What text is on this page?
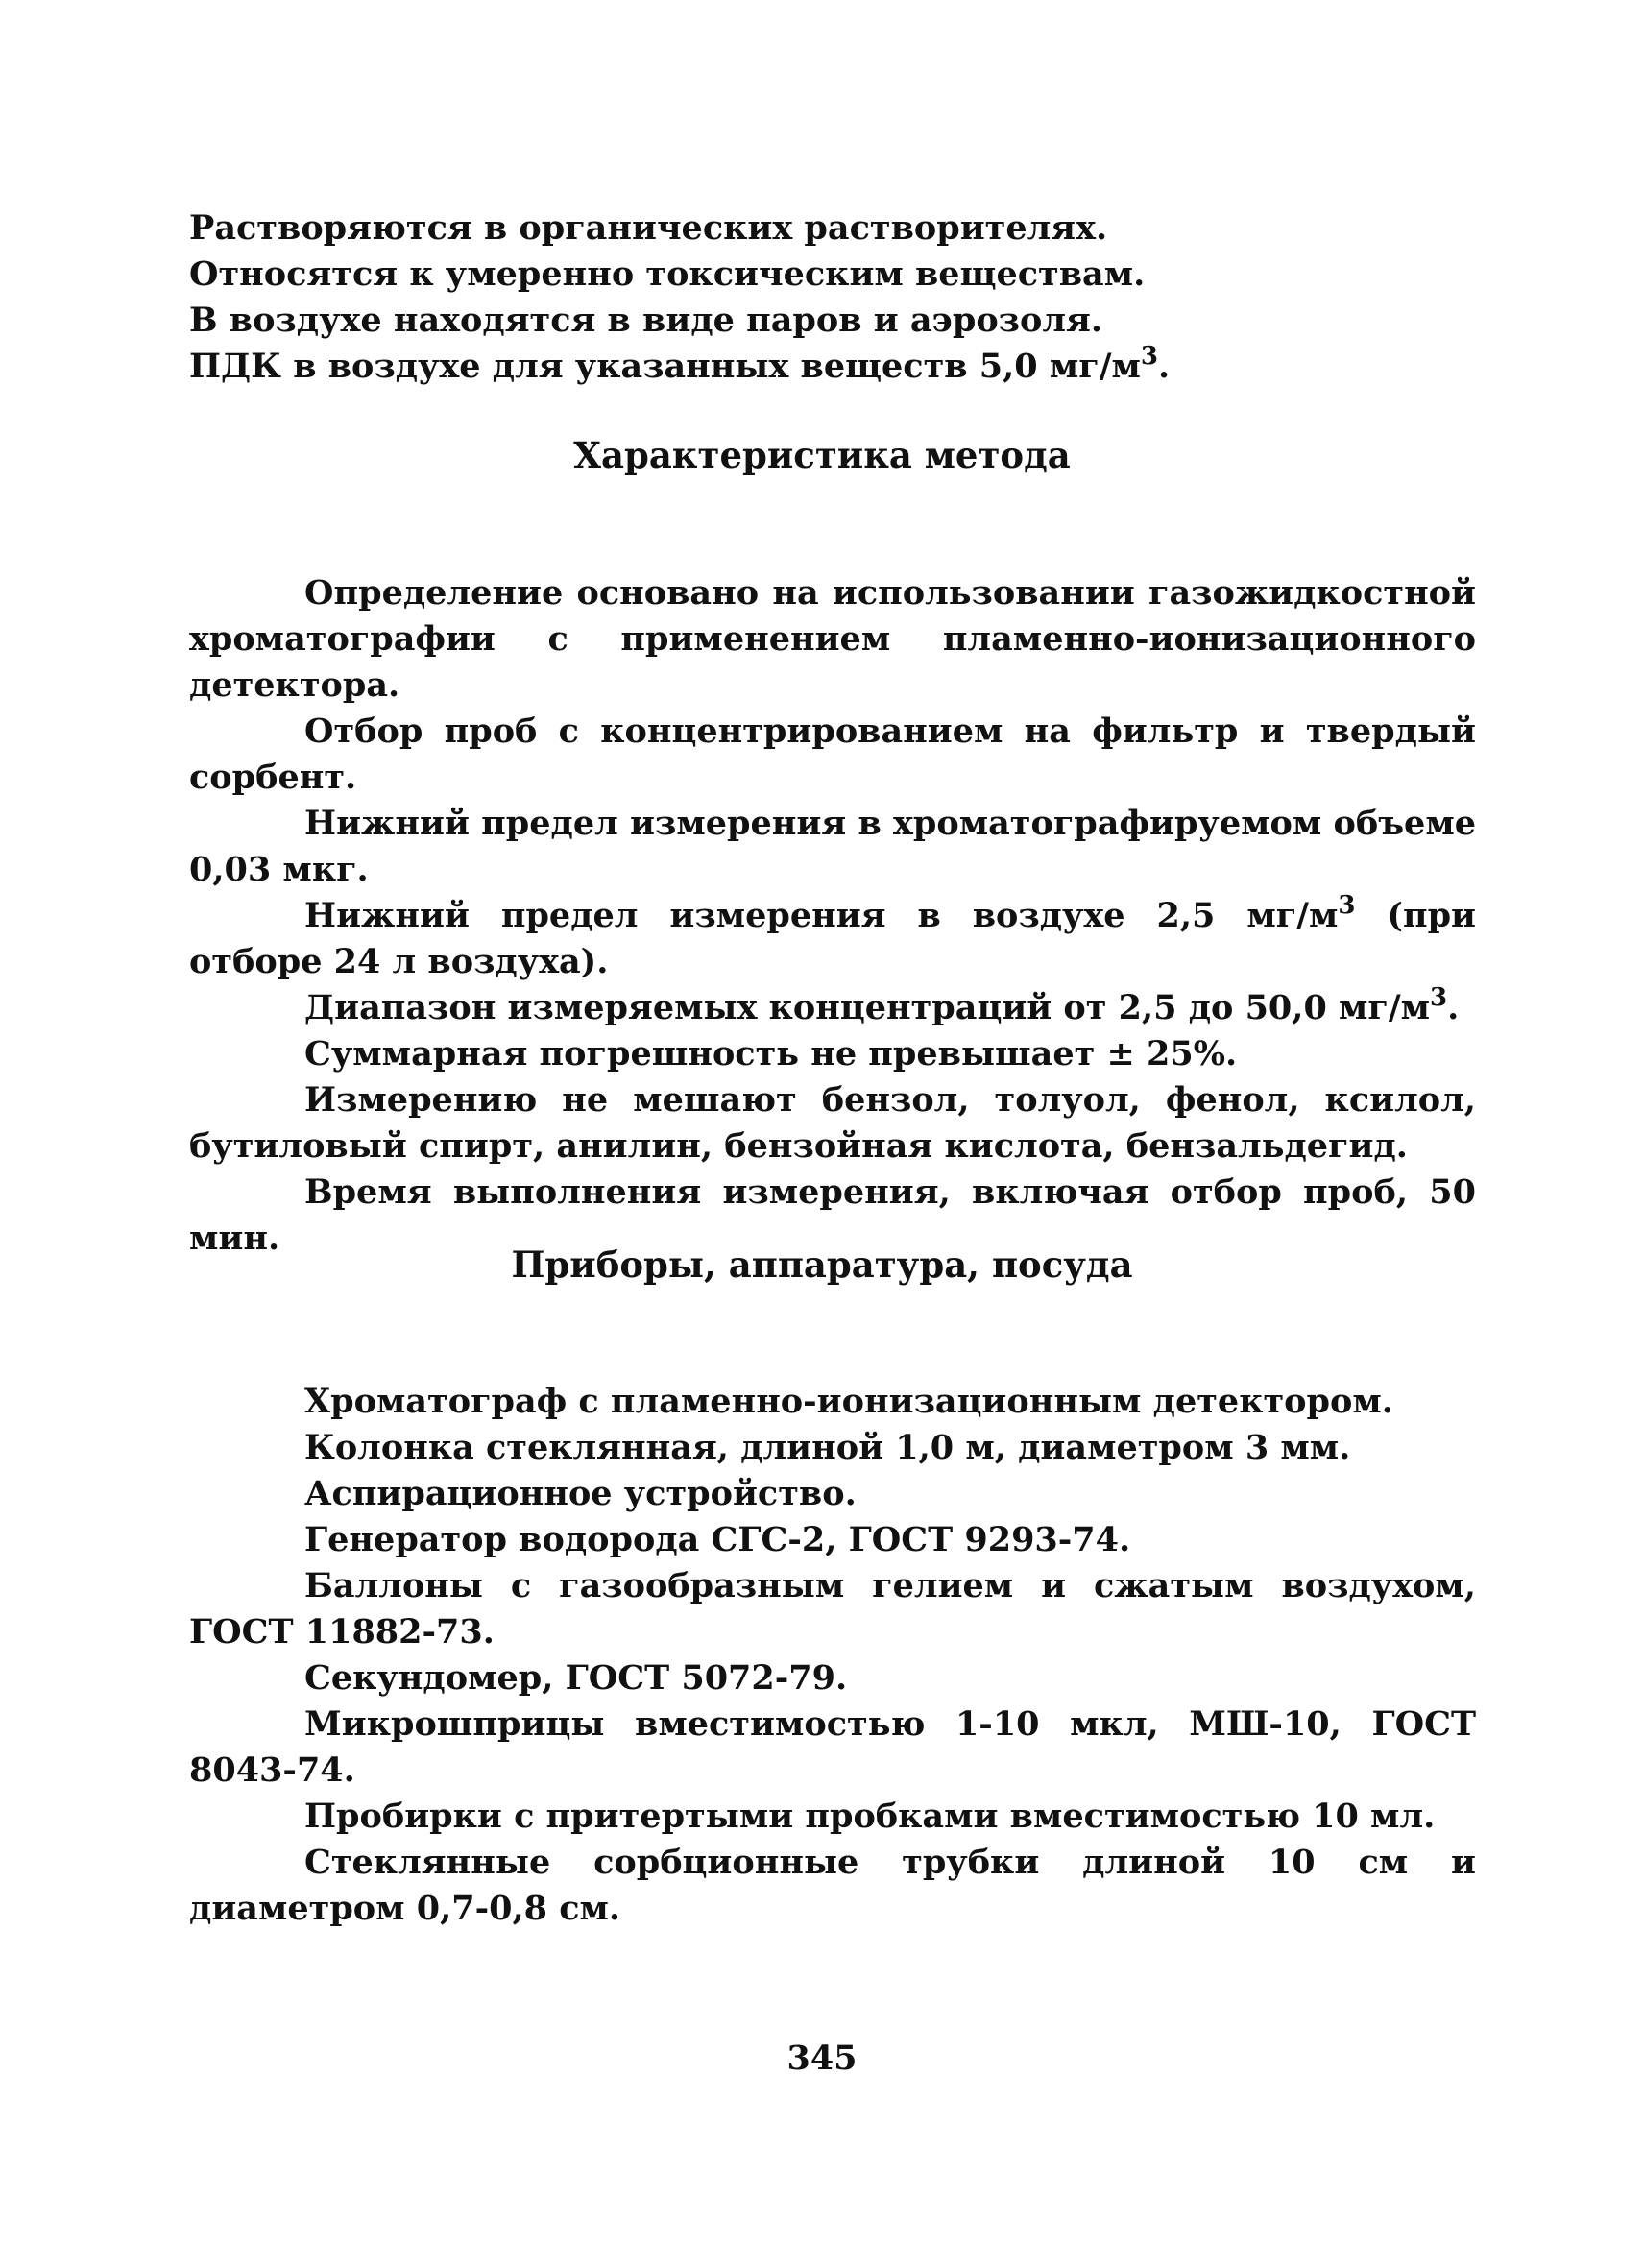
Растворяются в органических растворителях.
Относятся к умеренно токсическим веществам.
В воздухе находятся в виде паров и аэрозоля.
ПДК в воздухе для указанных веществ 5,0 $мг/м^3$.
Характеристика метода
Определение основано на использовании газожидкостной хроматографии с применением пламенно-ионизационного детектора.
Отбор проб с концентрированием на фильтр и твердый сорбент.
Нижний предел измерения в хроматографируемом объеме 0,03 мкг.
Нижний предел измерения в воздухе 2,5 $мг/м^3$ (при отборе 24 л воздуха).
Диапазон измеряемых концентраций от 2,5 до 50,0 $мг/м^3$.
Суммарная погрешность не превышает ± 25%.
Измерению не мешают бензол, толуол, фенол, ксилол, бутиловый спирт, анилин, бензойная кислота, бензальдегид.
Время выполнения измерения, включая отбор проб, 50 мин.
Приборы, аппаратура, посуда
Хроматограф с пламенно-ионизационным детектором.
Колонка стеклянная, длиной 1,0 м, диаметром 3 мм.
Аспирационное устройство.
Генератор водорода СГС-2, ГОСТ 9293-74.
Баллоны с газообразным гелием и сжатым воздухом, ГОСТ 11882-73.
Секундомер, ГОСТ 5072-79.
Микрошприцы вместимостью 1-10 мкл, МШ-10, ГОСТ 8043-74.
Пробирки с притертыми пробками вместимостью 10 мл.
Стеклянные сорбционные трубки длиной 10 см и диаметром 0,7-0,8 см.
345
